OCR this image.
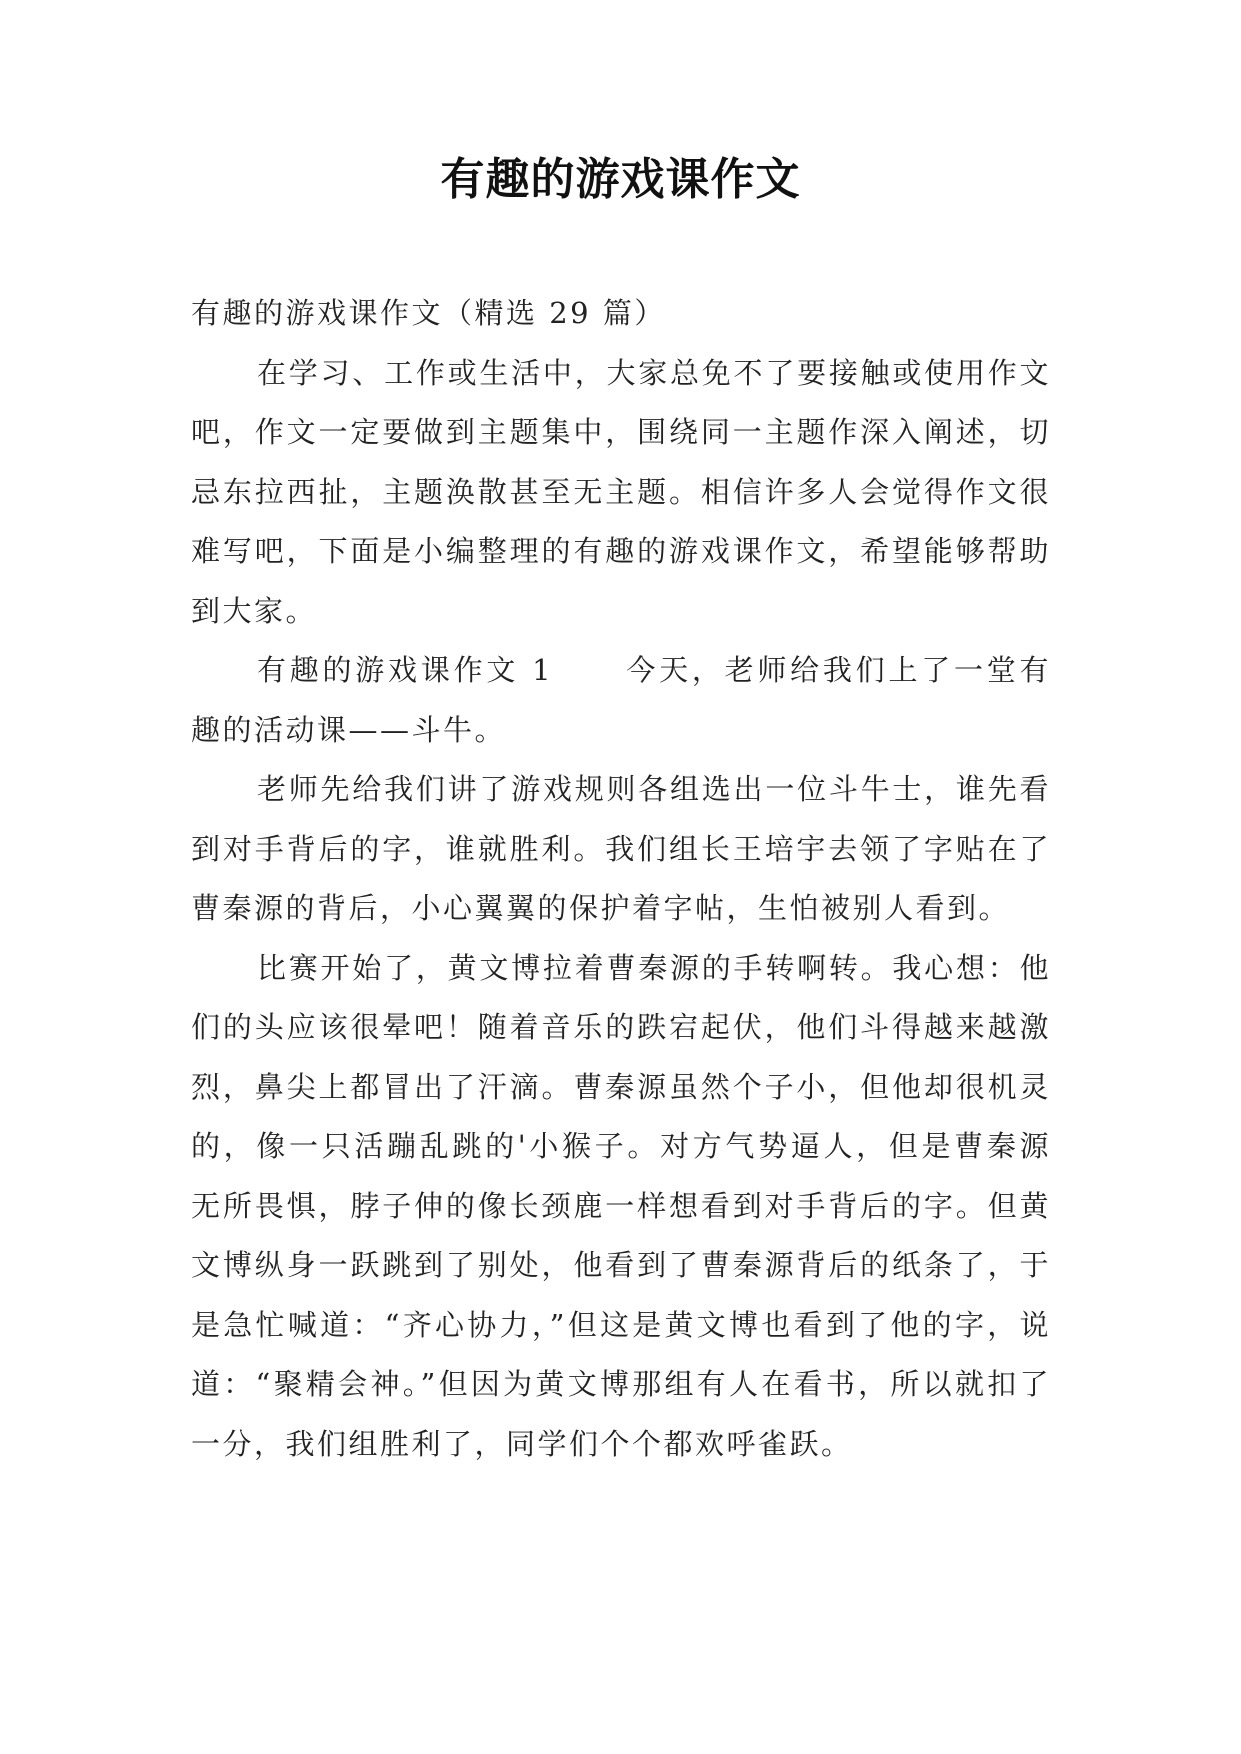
有趣的游戏课作文

有趣的游戏课作文（精选 29 篇）

在学习、工作或生活中，大家总免不了要接触或使用作文吧，作文一定要做到主题集中，围绕同一主题作深入阐述，切忌东拉西扯，主题涣散甚至无主题。相信许多人会觉得作文很难写吧，下面是小编整理的有趣的游戏课作文，希望能够帮助到大家。

有趣的游戏课作文 1 今天，老师给我们上了一堂有趣的活动课——斗牛。

老师先给我们讲了游戏规则各组选出一位斗牛士，谁先看到对手背后的字，谁就胜利。我们组长王培宇去领了字贴在了曹秦源的背后，小心翼翼的保护着字帖，生怕被别人看到。

比赛开始了，黄文博拉着曹秦源的手转啊转。我心想：他们的头应该很晕吧！随着音乐的跌宕起伏，他们斗得越来越激烈，鼻尖上都冒出了汗滴。曹秦源虽然个子小，但他却很机灵的，像一只活蹦乱跳的'小猴子。对方气势逼人，但是曹秦源无所畏惧，脖子伸的像长颈鹿一样想看到对手背后的字。但黄文博纵身一跃跳到了别处，他看到了曹秦源背后的纸条了，于是急忙喊道：“齐心协力，”但这是黄文博也看到了他的字，说道：“聚精会神。”但因为黄文博那组有人在看书，所以就扣了一分，我们组胜利了，同学们个个都欢呼雀跃。
